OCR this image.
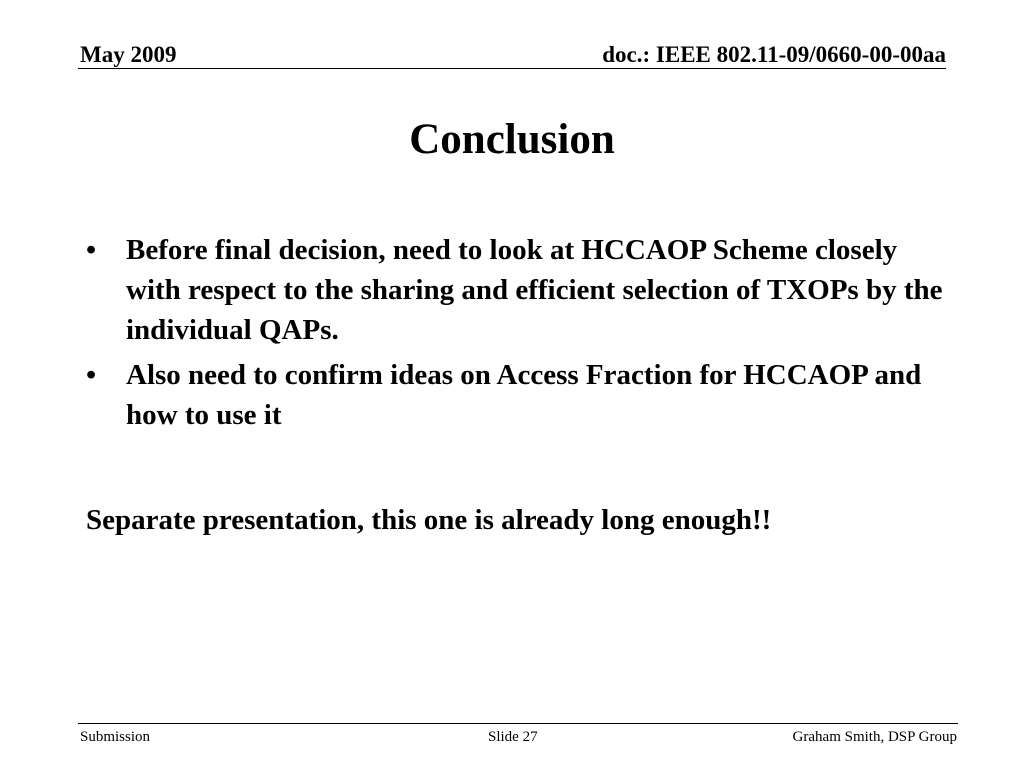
May 2009	doc.: IEEE 802.11-09/0660-00-00aa
Conclusion
•	Before final decision, need to look at HCCAOP Scheme closely with respect to the sharing and efficient selection of TXOPs by the individual QAPs.
•	Also need to confirm ideas on Access Fraction for HCCAOP and how to use it
Separate presentation, this one is already long enough!!
Submission	Slide 27	Graham Smith, DSP Group
